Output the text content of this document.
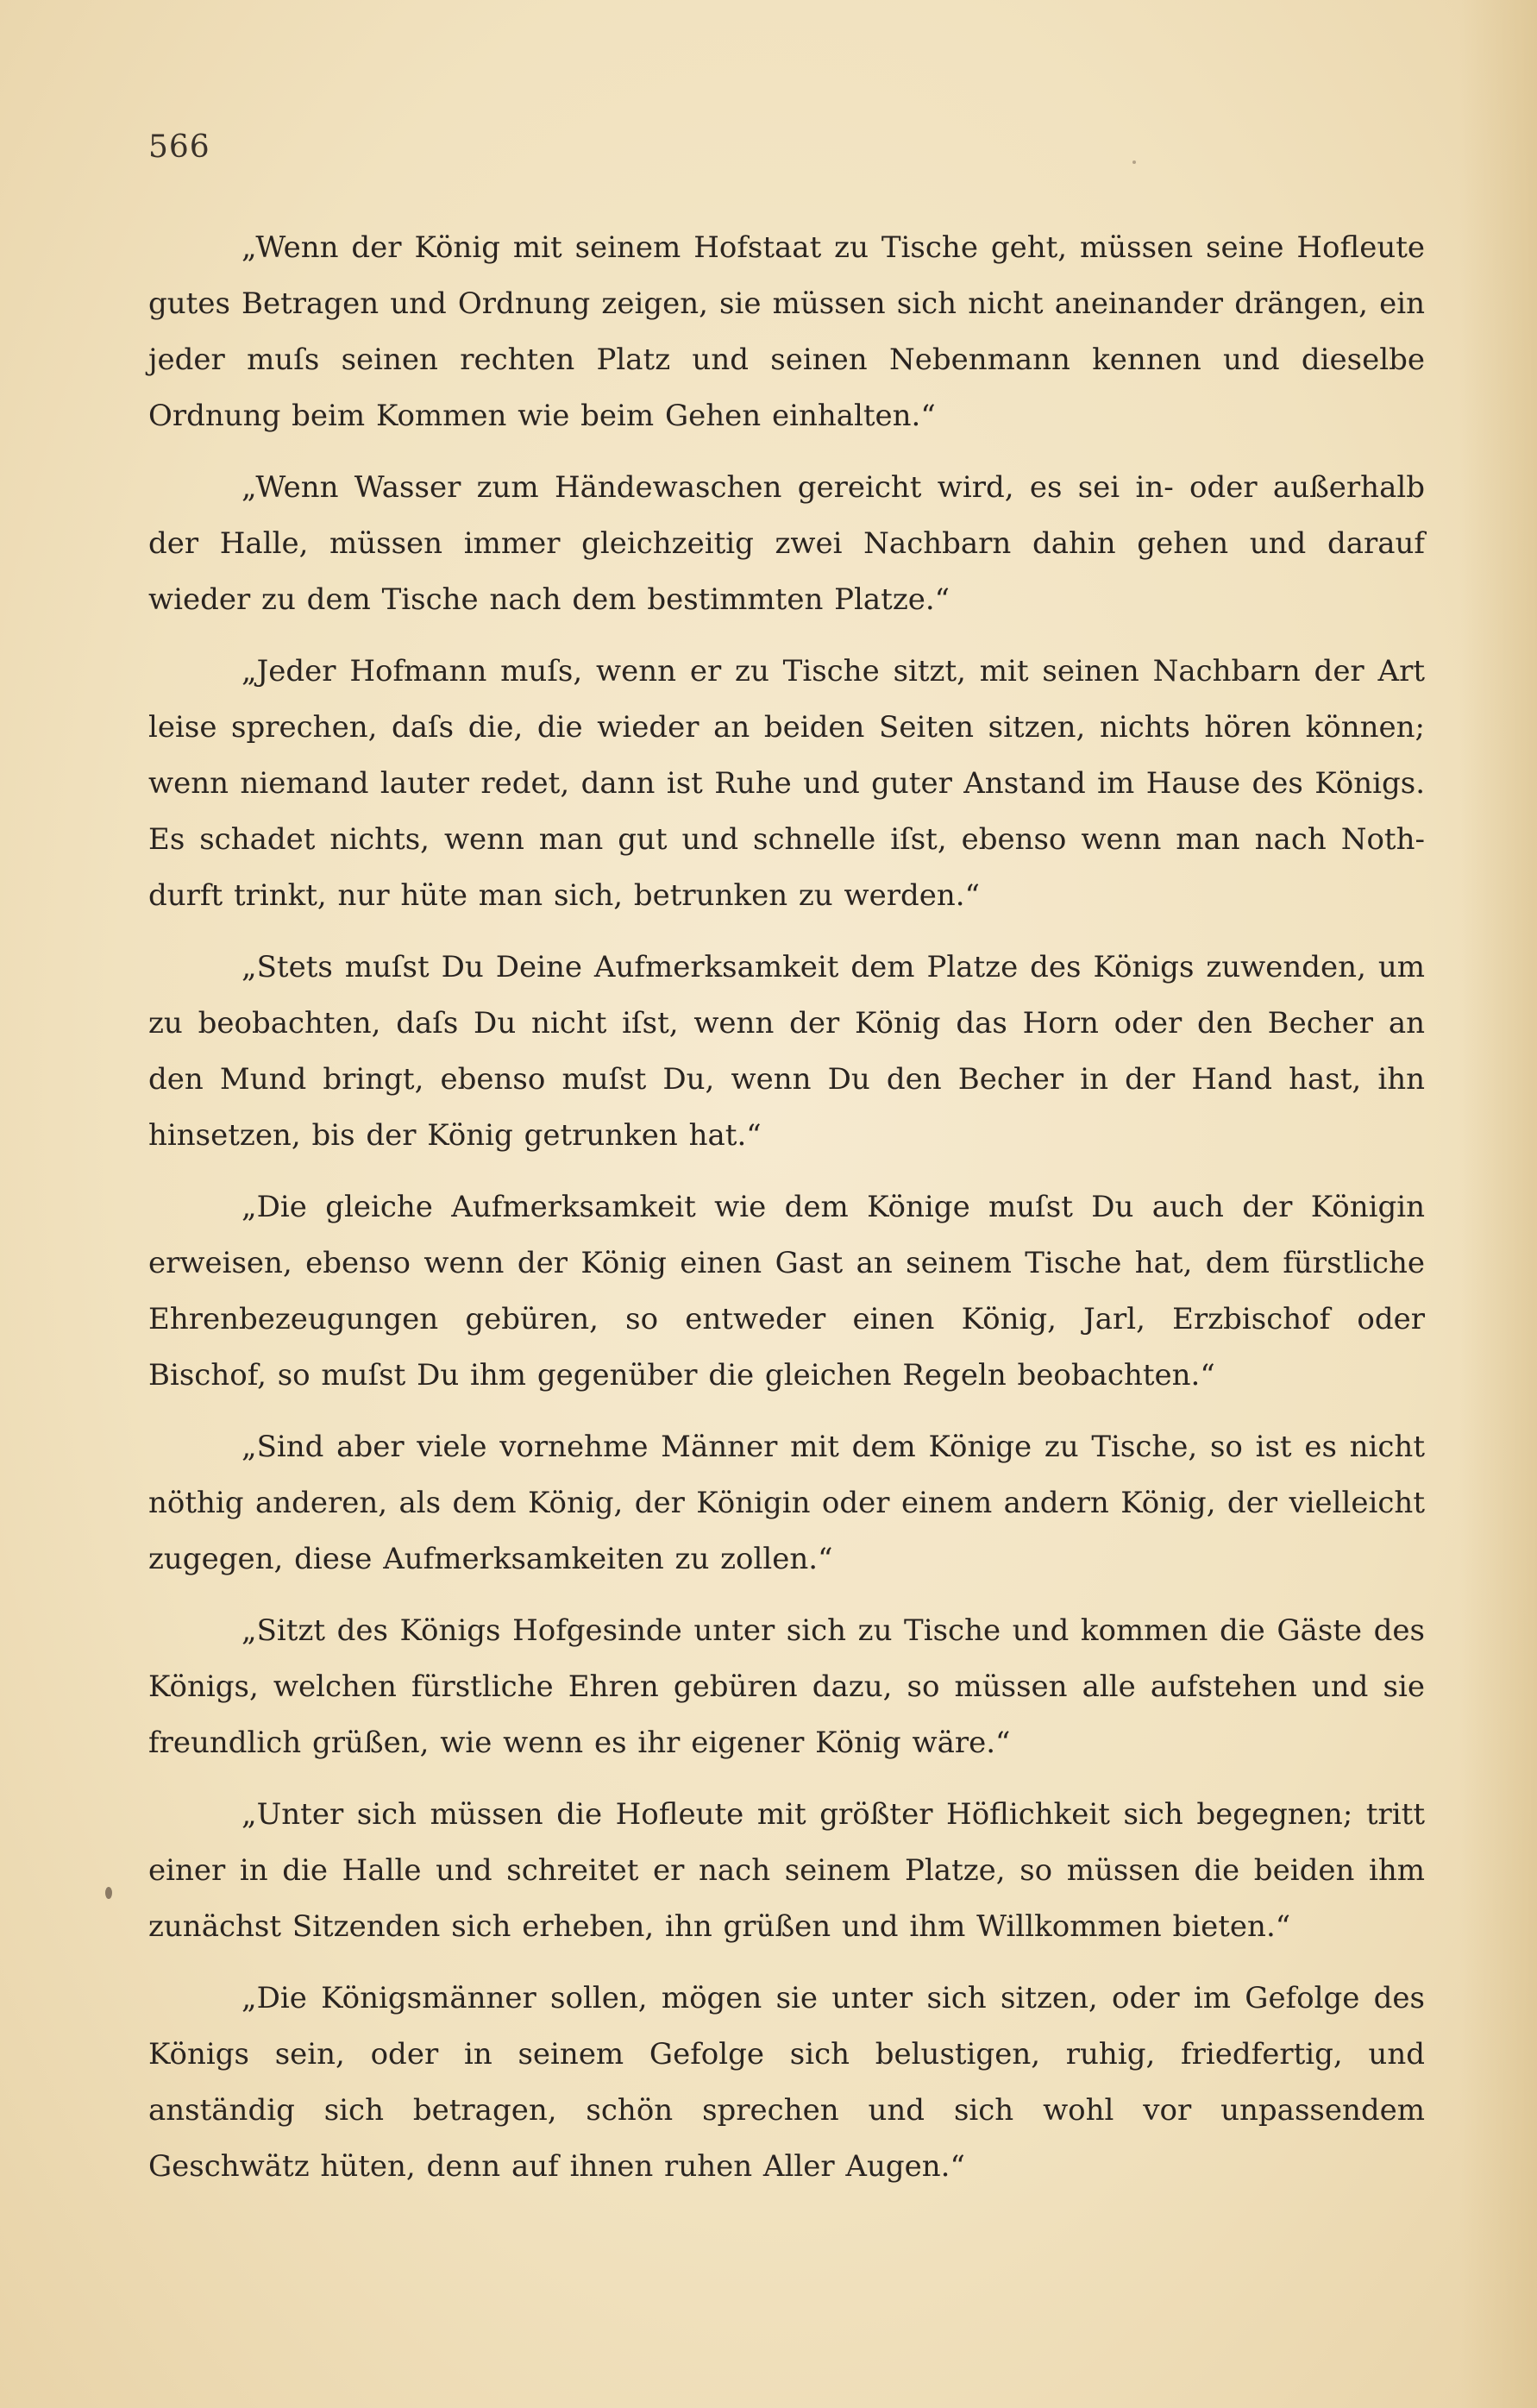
566

„Wenn der König mit seinem Hofstaat zu Tische geht, müssen seine Hofleute gutes Betragen und Ordnung zeigen, sie müssen sich nicht aneinander drängen, ein jeder muſs seinen rechten Platz und seinen Nebenmann kennen und dieselbe Ordnung beim Kommen wie beim Gehen einhalten.“

„Wenn Wasser zum Händewaschen gereicht wird, es sei in- oder außerhalb der Halle, müssen immer gleichzeitig zwei Nachbarn dahin gehen und darauf wieder zu dem Tische nach dem bestimmten Platze.“

„Jeder Hofmann muſs, wenn er zu Tische sitzt, mit seinen Nachbarn der Art leise sprechen, daſs die, die wieder an beiden Seiten sitzen, nichts hören können; wenn niemand lauter redet, dann ist Ruhe und guter Anstand im Hause des Königs. Es schadet nichts, wenn man gut und schnelle iſst, ebenso wenn man nach Nothdurft trinkt, nur hüte man sich, betrunken zu werden.“

„Stets muſst Du Deine Aufmerksamkeit dem Platze des Königs zuwenden, um zu beobachten, daſs Du nicht iſst, wenn der König das Horn oder den Becher an den Mund bringt, ebenso muſst Du, wenn Du den Becher in der Hand hast, ihn hinsetzen, bis der König getrunken hat.“

„Die gleiche Aufmerksamkeit wie dem Könige muſst Du auch der Königin erweisen, ebenso wenn der König einen Gast an seinem Tische hat, dem fürstliche Ehrenbezeugungen gebüren, so entweder einen König, Jarl, Erzbischof oder Bischof, so muſst Du ihm gegenüber die gleichen Regeln beobachten.“

„Sind aber viele vornehme Männer mit dem Könige zu Tische, so ist es nicht nöthig anderen, als dem König, der Königin oder einem andern König, der vielleicht zugegen, diese Aufmerksamkeiten zu zollen.“

„Sitzt des Königs Hofgesinde unter sich zu Tische und kommen die Gäste des Königs, welchen fürstliche Ehren gebüren dazu, so müssen alle aufstehen und sie freundlich grüßen, wie wenn es ihr eigener König wäre.“

„Unter sich müssen die Hofleute mit größter Höflichkeit sich begegnen; tritt einer in die Halle und schreitet er nach seinem Platze, so müssen die beiden ihm zunächst Sitzenden sich erheben, ihn grüßen und ihm Willkommen bieten.“

„Die Königsmänner sollen, mögen sie unter sich sitzen, oder im Gefolge des Königs sein, oder in seinem Gefolge sich belustigen, ruhig, friedfertig, und anständig sich betragen, schön sprechen und sich wohl vor unpassendem Geschwätz hüten, denn auf ihnen ruhen Aller Augen.“
